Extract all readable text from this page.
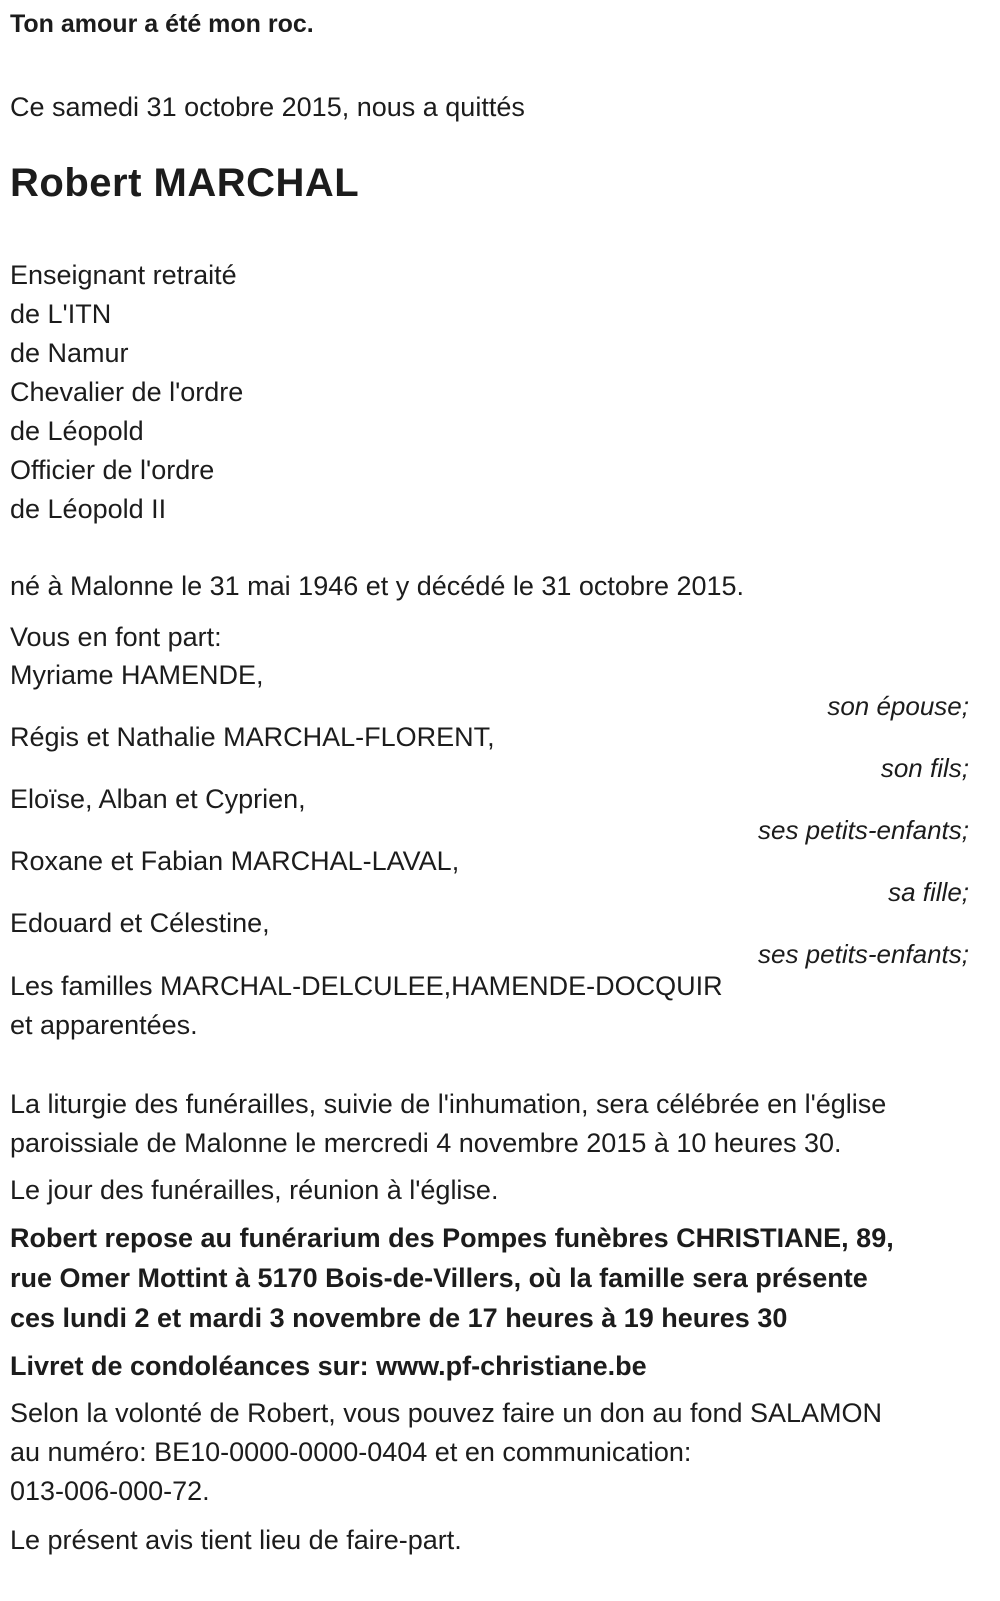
Ton amour a été mon roc.
Ce samedi 31 octobre 2015, nous a quittés
Robert MARCHAL
Enseignant retraité
de L'ITN
de Namur
Chevalier de l'ordre
de Léopold
Officier de l'ordre
de Léopold II
né à Malonne le 31 mai 1946 et y décédé le 31 octobre 2015.
Vous en font part:
Myriame HAMENDE,
son épouse;
Régis et Nathalie MARCHAL-FLORENT,
son fils;
Eloïse, Alban et Cyprien,
ses petits-enfants;
Roxane et Fabian MARCHAL-LAVAL,
sa fille;
Edouard et Célestine,
ses petits-enfants;
Les familles MARCHAL-DELCULEE,HAMENDE-DOCQUIR
et apparentées.
La liturgie des funérailles, suivie de l'inhumation, sera célébrée en l'église
paroissiale de Malonne le mercredi 4 novembre 2015 à 10 heures 30.
Le jour des funérailles, réunion à l'église.
Robert repose au funérarium des Pompes funèbres CHRISTIANE, 89,
rue Omer Mottint à 5170 Bois-de-Villers, où la famille sera présente
ces lundi 2 et mardi 3 novembre de 17 heures à 19 heures 30
Livret de condoléances sur: www.pf-christiane.be
Selon la volonté de Robert, vous pouvez faire un don au fond SALAMON
au numéro: BE10-0000-0000-0404 et en communication:
013-006-000-72.
Le présent avis tient lieu de faire-part.
